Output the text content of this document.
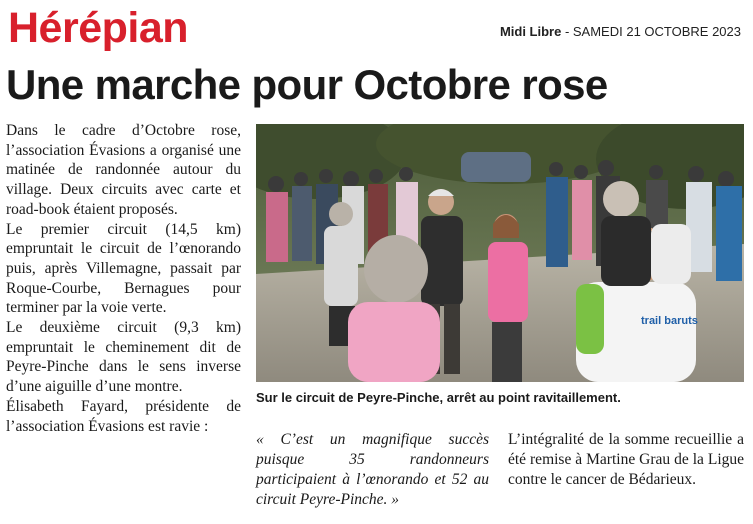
Hérépian	Midi Libre - SAMEDI 21 OCTOBRE 2023
Une marche pour Octobre rose

Dans le cadre d’Octobre rose, l’association Évasions a organisé une matinée de randonnée autour du village. Deux circuits avec carte et road-book étaient proposés.

Le premier circuit (14,5 km) empruntait le circuit de l’œnorando puis, après Villemagne, passait par Roque-Courbe, Bernagues pour terminer par la voie verte.

Le deuxième circuit (9,3 km) empruntait le cheminement dit de Peyre-Pinche dans le sens inverse d’une aiguille d’une montre.

Élisabeth Fayard, présidente de l’association Évasions est ravie :

trail baruts
Sur le circuit de Peyre-Pinche, arrêt au point ravitaillement.
« C’est un magnifique succès puisque 35 randonneurs participaient à l’œnorando et 52 au circuit Peyre-Pinche. »
L’intégralité de la somme recueillie a été remise à Martine Grau de la Ligue contre le cancer de Bédarieux.
